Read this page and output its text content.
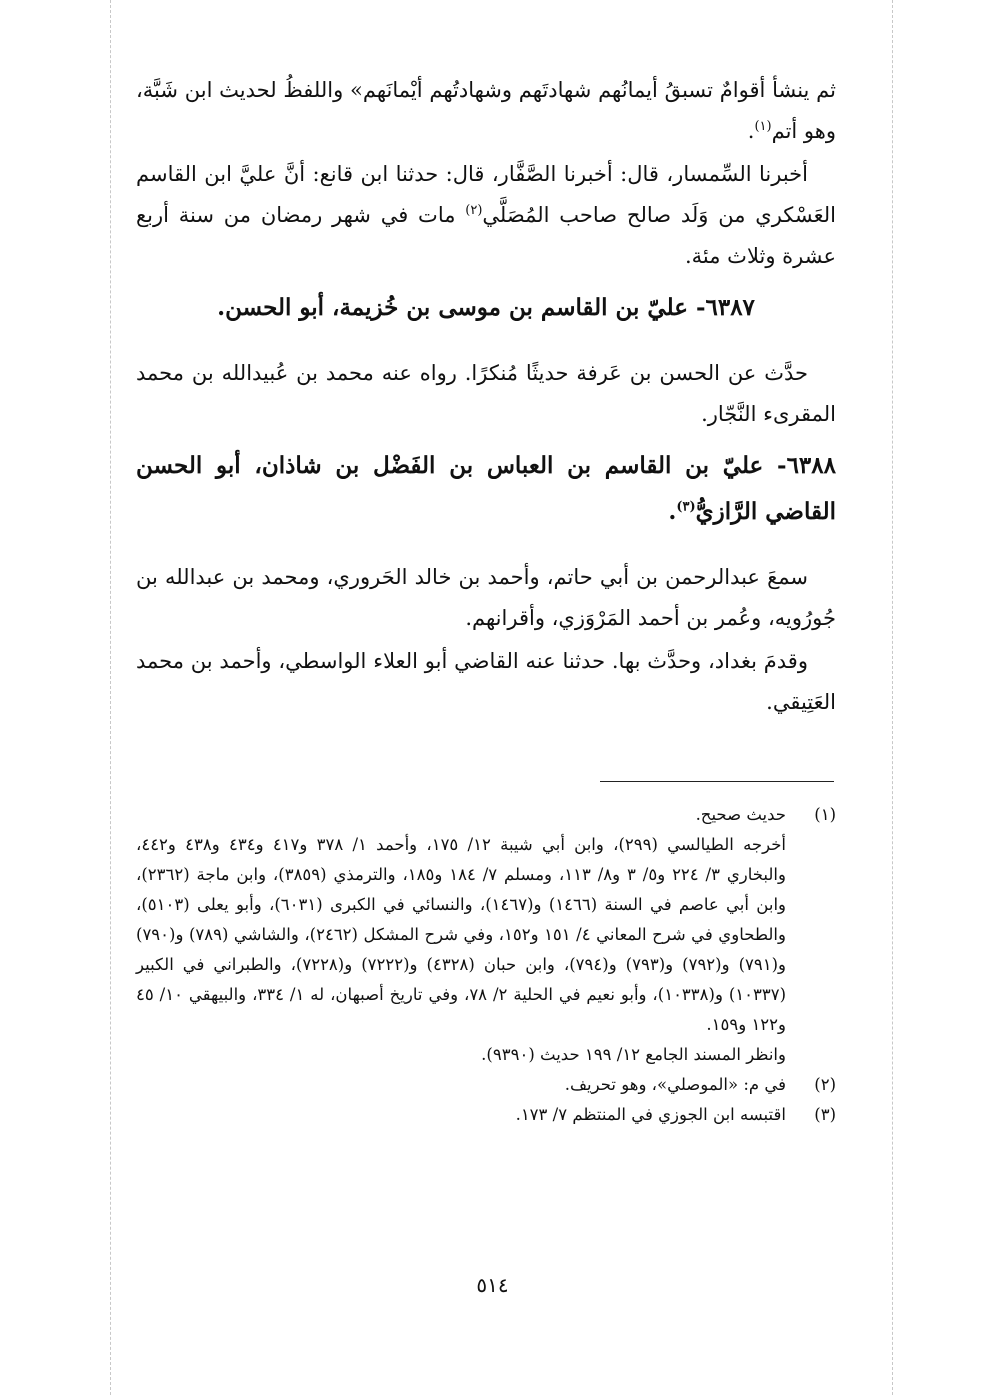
ثم ينشأ أقوامٌ تسبقُ أيمانُهم شهادتَهم وشهادتُهم أيْمانَهم» واللفظُ لحديث ابن شَبَّة، وهو أتم$^{(١)}$.

أخبرنا السِّمسار، قال: أخبرنا الصَّفَّار، قال: حدثنا ابن قانع: أنَّ عليَّ ابن القاسم العَسْكري من وَلَد صالح صاحب المُصَلَّي$^{(٢)}$ مات في شهر رمضان من سنة أربع عشرة وثلاث مئة.

٦٣٨٧- عليّ بن القاسم بن موسى بن خُزيمة، أبو الحسن.

حدَّث عن الحسن بن عَرفة حديثًا مُنكرًا. رواه عنه محمد بن عُبيدالله بن محمد المقرىء النَّجّار.

٦٣٨٨- عليّ بن القاسم بن العباس بن الفَضْل بن شاذان، أبو الحسن القاضي الرَّازيُّ$^{(٣)}$.

سمعَ عبدالرحمن بن أبي حاتم، وأحمد بن خالد الحَروري، ومحمد بن عبدالله بن جُورُويه، وعُمر بن أحمد المَرْوَزي، وأقرانهم.

وقدمَ بغداد، وحدَّث بها. حدثنا عنه القاضي أبو العلاء الواسطي، وأحمد بن محمد العَتِيقي.

(١)
حديث صحيح.
أخرجه الطيالسي (٢٩٩)، وابن أبي شيبة ١٢/ ١٧٥، وأحمد ١/ ٣٧٨ و٤١٧ و٤٣٤ و٤٣٨ و٤٤٢، والبخاري ٣/ ٢٢٤ و٥/ ٣ و٨/ ١١٣، ومسلم ٧/ ١٨٤ و١٨٥، والترمذي (٣٨٥٩)، وابن ماجة (٢٣٦٢)، وابن أبي عاصم في السنة (١٤٦٦) و(١٤٦٧)، والنسائي في الكبرى (٦٠٣١)، وأبو يعلى (٥١٠٣)، والطحاوي في شرح المعاني ٤/ ١٥١ و١٥٢، وفي شرح المشكل (٢٤٦٢)، والشاشي (٧٨٩) و(٧٩٠) و(٧٩١) و(٧٩٢) و(٧٩٣) و(٧٩٤)، وابن حبان (٤٣٢٨) و(٧٢٢٢) و(٧٢٢٨)، والطبراني في الكبير (١٠٣٣٧) و(١٠٣٣٨)، وأبو نعيم في الحلية ٢/ ٧٨، وفي تاريخ أصبهان، له ١/ ٣٣٤، والبيهقي ١٠/ ٤٥ و١٢٢ و١٥٩.
وانظر المسند الجامع ١٢/ ١٩٩ حديث (٩٣٩٠).
(٢)
في م: «الموصلي»، وهو تحريف.
(٣)
اقتبسه ابن الجوزي في المنتظم ٧/ ١٧٣.
٥١٤
